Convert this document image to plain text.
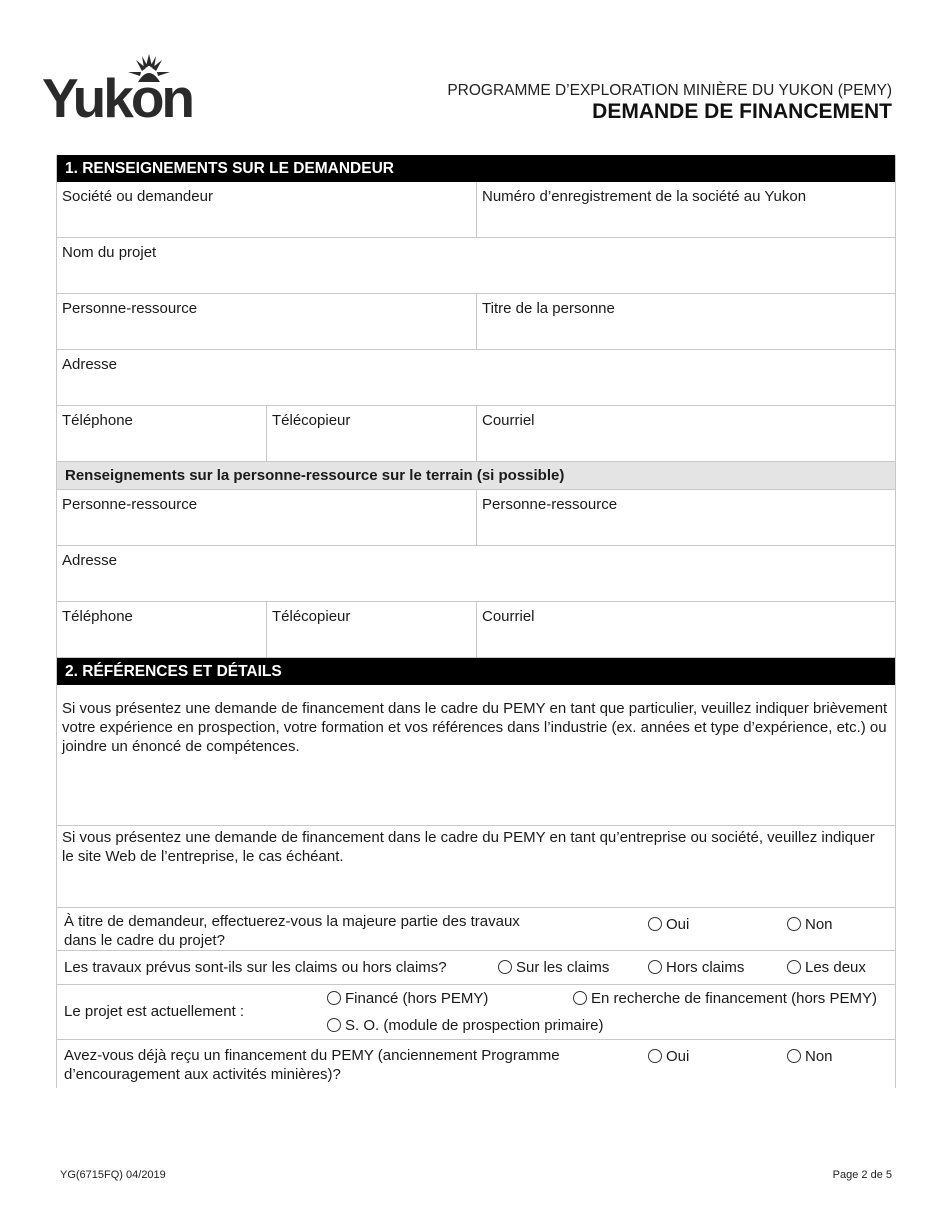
Yukon	PROGRAMME D’EXPLORATION MINIÈRE DU YUKON (PEMY)
DEMANDE DE FINANCEMENT
1. RENSEIGNEMENTS SUR LE DEMANDEUR
Société ou demandeur	Numéro d’enregistrement de la société au Yukon
Nom du projet
Personne-ressource	Titre de la personne
Adresse
Téléphone	Télécopieur	Courriel
Renseignements sur la personne-ressource sur le terrain (si possible)
Personne-ressource	Personne-ressource
Adresse
Téléphone	Télécopieur	Courriel
2. RÉFÉRENCES ET DÉTAILS
Si vous présentez une demande de financement dans le cadre du PEMY en tant que particulier, veuillez indiquer brièvement votre expérience en prospection, votre formation et vos références dans l’industrie (ex. années et type d’expérience, etc.) ou joindre un énoncé de compétences.
Si vous présentez une demande de financement dans le cadre du PEMY en tant qu’entreprise ou société, veuillez indiquer le site Web de l’entreprise, le cas échéant.
À titre de demandeur, effectuerez-vous la majeure partie des travaux
dans le cadre du projet?
Oui	Non
Les travaux prévus sont-ils sur les claims ou hors claims?	Sur les claims	Hors claims	Les deux
Le projet est actuellement :
Financé (hors PEMY)	En recherche de financement (hors PEMY)
S. O. (module de prospection primaire)
Avez-vous déjà reçu un financement du PEMY (anciennement Programme
d’encouragement aux activités minières)?
Oui	Non
YG(6715FQ) 04/2019	Page 2 de 5
